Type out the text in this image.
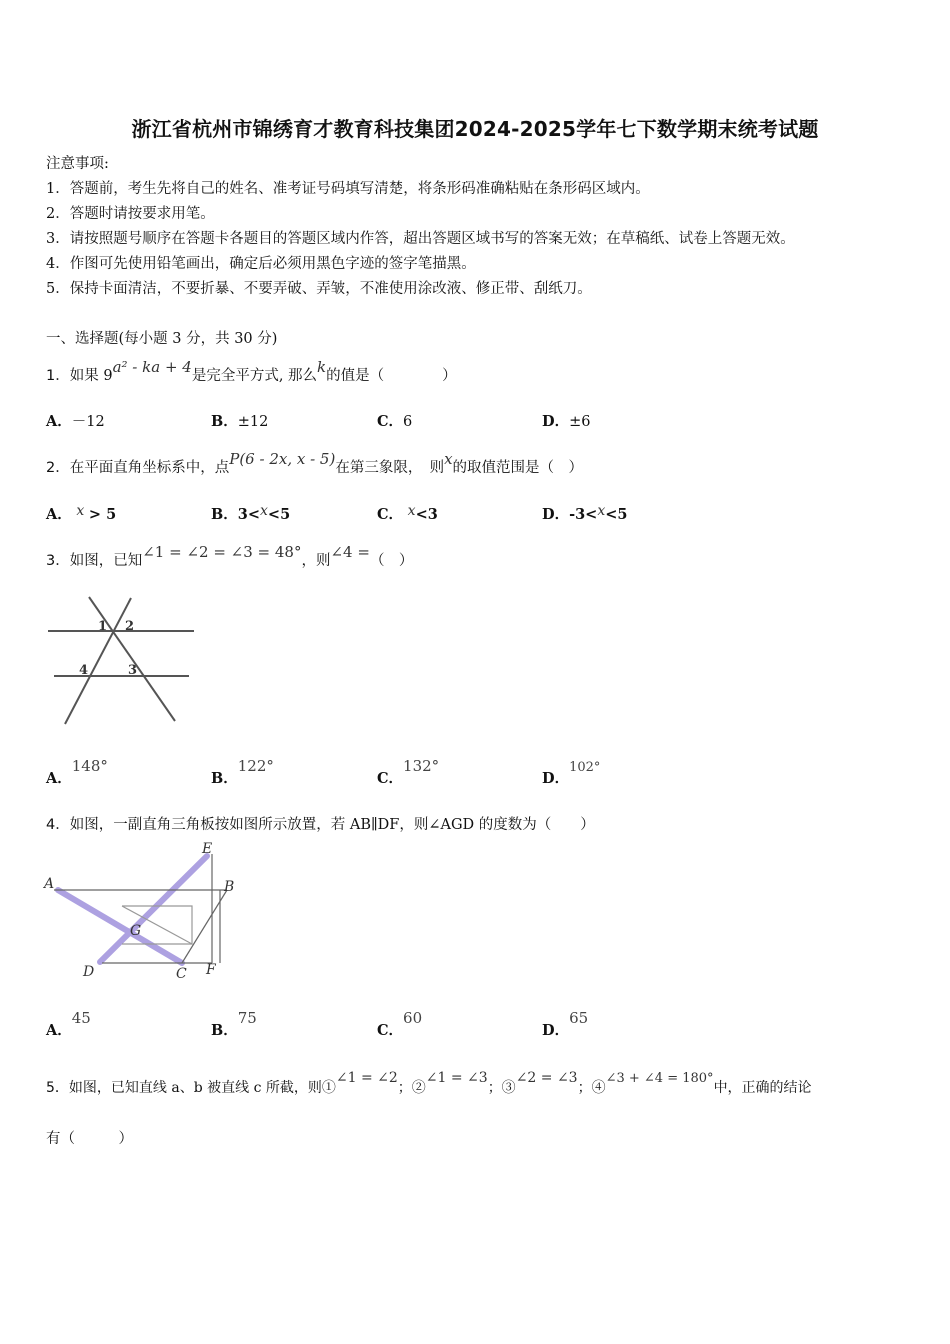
浙江省杭州市锦绣育才教育科技集团2024-2025学年七下数学期末统考试题
注意事项:
1．答题前，考生先将自己的姓名、准考证号码填写清楚，将条形码准确粘贴在条形码区域内。
2．答题时请按要求用笔。
3．请按照题号顺序在答题卡各题目的答题区域内作答，超出答题区域书写的答案无效；在草稿纸、试卷上答题无效。
4．作图可先使用铅笔画出，确定后必须用黑色字迹的签字笔描黑。
5．保持卡面清洁，不要折暴、不要弄破、弄皱，不准使用涂改液、修正带、刮纸刀。
一、选择题(每小题 3 分，共 30 分)
1．如果 9a² - ka + 4是完全平方式, 那么k的值是（　　　　）
A．－12	B．±12	C．6	D．±6
2．在平面直角坐标系中，点P(6 - 2x, x - 5)在第三象限，　则x的取值范围是（　）
A． x > 5	B．3<x<5	C． x<3	D．-3<x<5
3．如图，已知∠1 = ∠2 = ∠3 = 48°，则∠4 =（　）
1 2
4	3
A．148°
B．122°
C．132°
D．102°
4．如图，一副直角三角板按如图所示放置，若 AB∥DF，则∠AGD 的度数为（　　）
A	B
E
G
D	C F
A．45
B．75
C．60
D．65
5．如图，已知直线 a、b 被直线 c 所截，则①∠1 = ∠2；②∠1 = ∠3；③∠2 = ∠3；④∠3 + ∠4 = 180°中，正确的结论
有（　　　）
